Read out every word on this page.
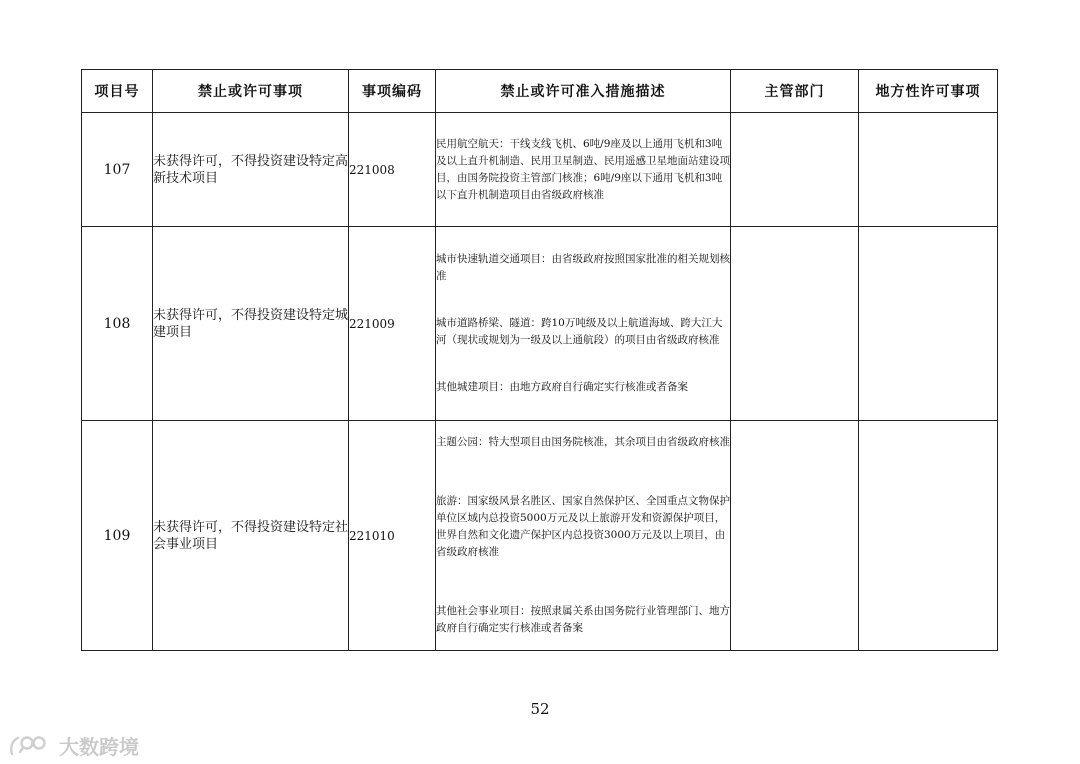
项目号	禁止或许可事项	事项编码	禁止或许可准入措施描述	主管部门	地方性许可事项
107	未获得许可，不得投资建设特定高新技术项目	221008	民用航空航天：干线支线飞机、6吨/9座及以上通用飞机和3吨及以上直升机制造、民用卫星制造、民用遥感卫星地面站建设项目，由国务院投资主管部门核准；6吨/9座以下通用飞机和3吨以下直升机制造项目由省级政府核准		

108	未获得许可，不得投资建设特定城建项目	221009	城市快速轨道交通项目：由省级政府按照国家批准的相关规划核准

城市道路桥梁、隧道：跨10万吨级及以上航道海域、跨大江大河（现状或规划为一级及以上通航段）的项目由省级政府核准

其他城建项目：由地方政府自行确定实行核准或者备案		

109	未获得许可，不得投资建设特定社会事业项目	221010	主题公园：特大型项目由国务院核准，其余项目由省级政府核准

旅游：国家级风景名胜区、国家自然保护区、全国重点文物保护单位区域内总投资5000万元及以上旅游开发和资源保护项目，世界自然和文化遗产保护区内总投资3000万元及以上项目，由省级政府核准

其他社会事业项目：按照隶属关系由国务院行业管理部门、地方政府自行确定实行核准或者备案		

52
大数跨境
